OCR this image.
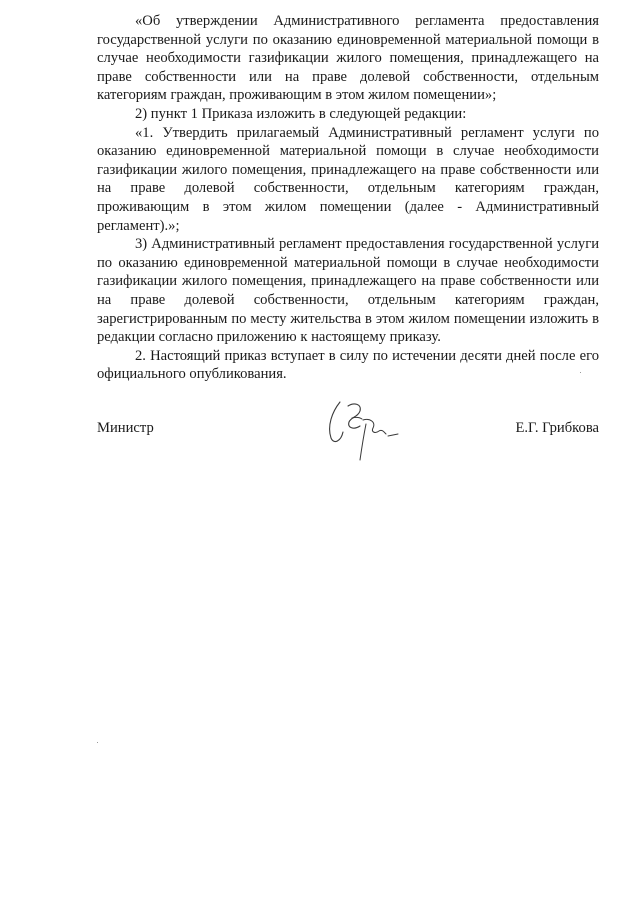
«Об утверждении Административного регламента предоставления государственной услуги по оказанию единовременной материальной помощи в случае необходимости газификации жилого помещения, принадлежащего на праве собственности или на праве долевой собственности, отдельным категориям граждан, проживающим в этом жилом помещении»;

2) пункт 1 Приказа изложить в следующей редакции:

«1. Утвердить прилагаемый Административный регламент услуги по оказанию единовременной материальной помощи в случае необходимости газификации жилого помещения, принадлежащего на праве собственности или на праве долевой собственности, отдельным категориям граждан, проживающим в этом жилом помещении (далее - Административный регламент).»;

3) Административный регламент предоставления государственной услуги по оказанию единовременной материальной помощи в случае необходимости газификации жилого помещения, принадлежащего на праве собственности или на праве долевой собственности, отдельным категориям граждан, зарегистрированным по месту жительства в этом жилом помещении изложить в редакции согласно приложению к настоящему приказу.

2. Настоящий приказ вступает в силу по истечении десяти дней после его официального опубликования.

Министр	Е.Г. Грибкова
